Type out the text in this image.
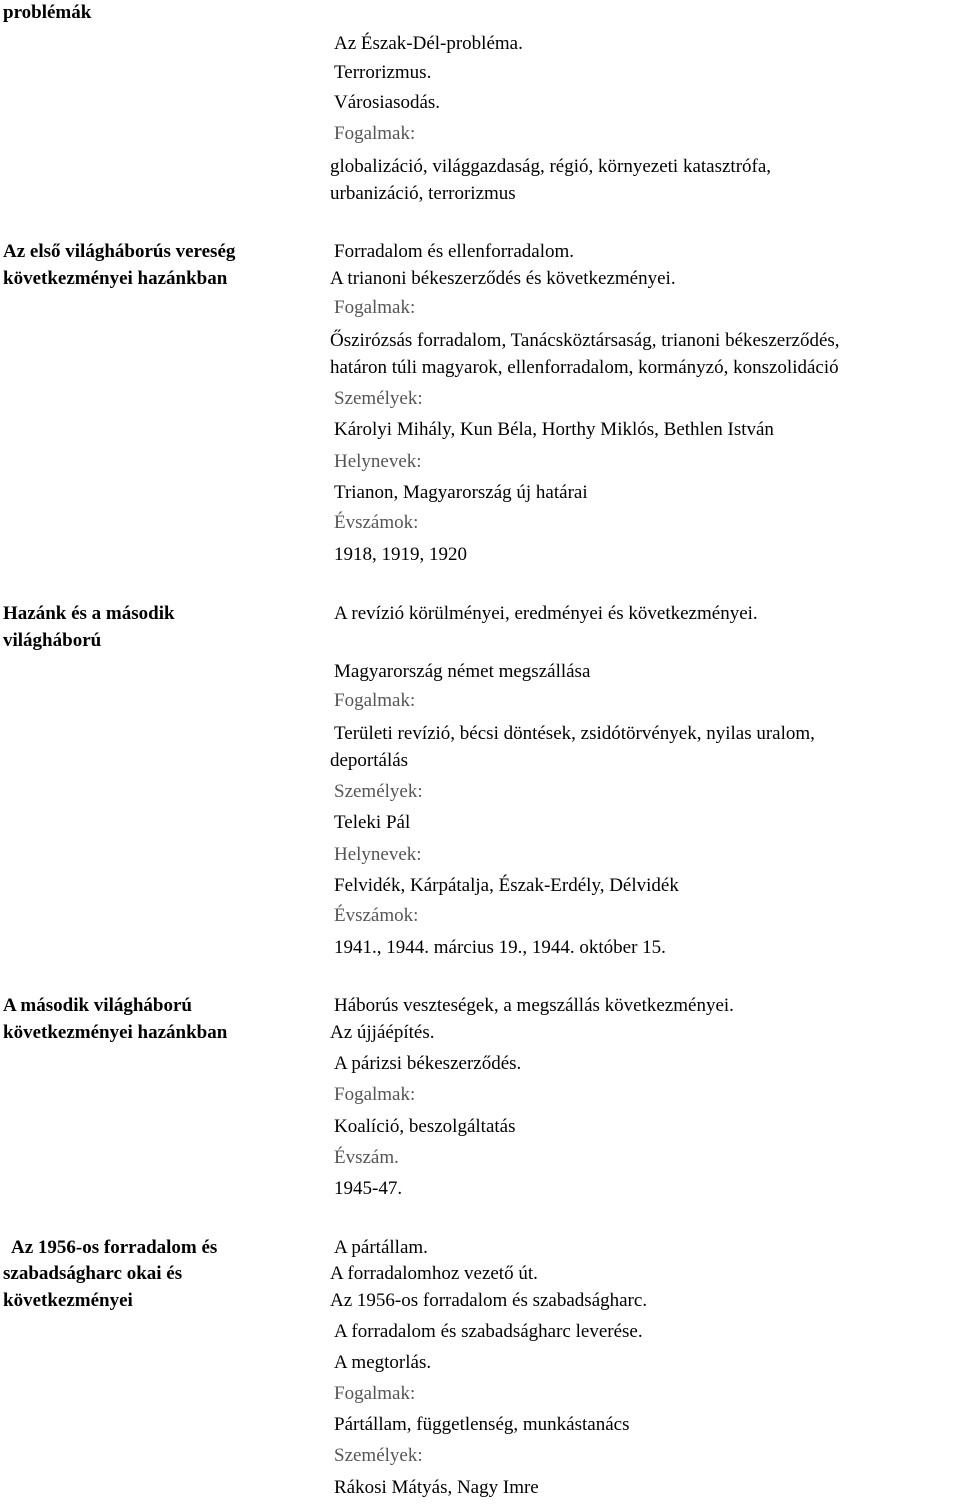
problémák
Az első világháborús vereség
következményei hazánkban
Hazánk és a második
világháború
A második világháború
következményei hazánkban
Az 1956-os forradalom és
szabadságharc okai és
következményei
Az Észak-Dél-probléma.
Terrorizmus.
Városiasodás.
Fogalmak:
globalizáció, világgazdaság, régió, környezeti katasztrófa,
urbanizáció, terrorizmus
Forradalom és ellenforradalom.
A trianoni békeszerződés és következményei.
Fogalmak:
Őszirózsás forradalom, Tanácsköztársaság, trianoni békeszerződés,
határon túli magyarok, ellenforradalom, kormányzó, konszolidáció
Személyek:
Károlyi Mihály, Kun Béla, Horthy Miklós, Bethlen István
Helynevek:
Trianon, Magyarország új határai
Évszámok:
1918, 1919, 1920
A revízió körülményei, eredményei és következményei.
Magyarország német megszállása
Fogalmak:
Területi revízió, bécsi döntések, zsidótörvények, nyilas uralom,
deportálás
Személyek:
Teleki Pál
Helynevek:
Felvidék, Kárpátalja, Észak-Erdély, Délvidék
Évszámok:
1941., 1944. március 19., 1944. október 15.
Háborús veszteségek, a megszállás következményei.
Az újjáépítés.
A párizsi békeszerződés.
Fogalmak:
Koalíció, beszolgáltatás
Évszám.
1945-47.
A pártállam.
A forradalomhoz vezető út.
Az 1956-os forradalom és szabadságharc.
A forradalom és szabadságharc leverése.
A megtorlás.
Fogalmak:
Pártállam, függetlenség, munkástanács
Személyek:
Rákosi Mátyás, Nagy Imre
